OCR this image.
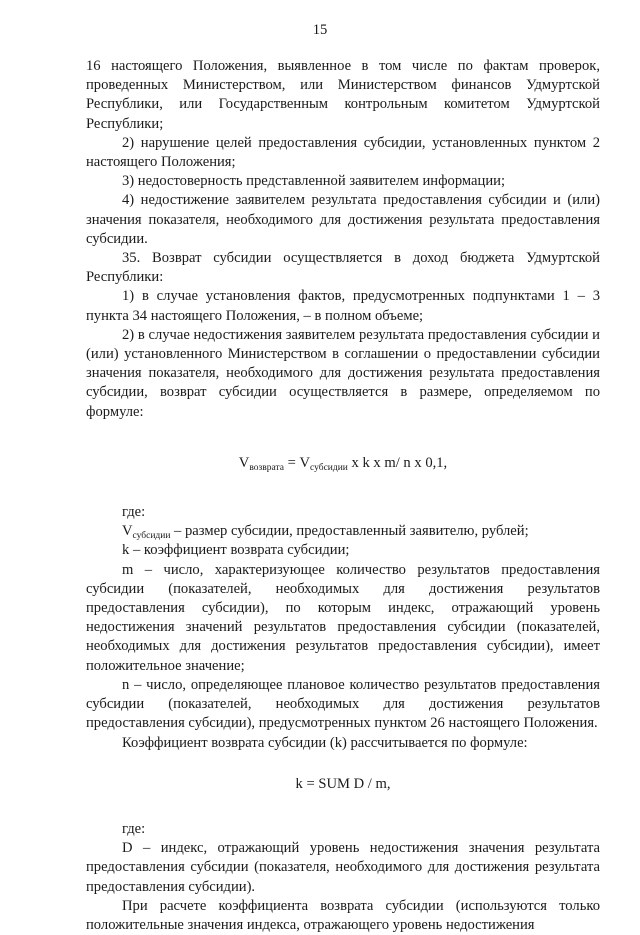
15

16 настоящего Положения, выявленное в том числе по фактам проверок, проведенных Министерством, или Министерством финансов Удмуртской Республики, или Государственным контрольным комитетом Удмуртской Республики;

2) нарушение целей предоставления субсидии, установленных пунктом 2 настоящего Положения;

3) недостоверность представленной заявителем информации;

4) недостижение заявителем результата предоставления субсидии и (или) значения показателя, необходимого для достижения результата предоставления субсидии.

35. Возврат субсидии осуществляется в доход бюджета Удмуртской Республики:

1) в случае установления фактов, предусмотренных подпунктами 1 – 3 пункта 34 настоящего Положения, – в полном объеме;

2) в случае недостижения заявителем результата предоставления субсидии и (или) установленного Министерством в соглашении о предоставлении субсидии значения показателя, необходимого для достижения результата предоставления субсидии, возврат субсидии осуществляется в размере, определяемом по формуле:

$V_{возврата} = V_{субсидии}$ x k x m/ n x 0,1,

где:

$V_{субсидии}$ – размер субсидии, предоставленный заявителю, рублей;

k – коэффициент возврата субсидии;

m – число, характеризующее количество результатов предоставления субсидии (показателей, необходимых для достижения результатов предоставления субсидии), по которым индекс, отражающий уровень недостижения значений результатов предоставления субсидии (показателей, необходимых для достижения результатов предоставления субсидии), имеет положительное значение;

n – число, определяющее плановое количество результатов предоставления субсидии (показателей, необходимых для достижения результатов предоставления субсидии), предусмотренных пунктом 26 настоящего Положения.

Коэффициент возврата субсидии (k) рассчитывается по формуле:

k = SUM D / m,

где:

D – индекс, отражающий уровень недостижения значения результата предоставления субсидии (показателя, необходимого для достижения результата предоставления субсидии).

При расчете коэффициента возврата субсидии (используются только положительные значения индекса, отражающего уровень недостижения
